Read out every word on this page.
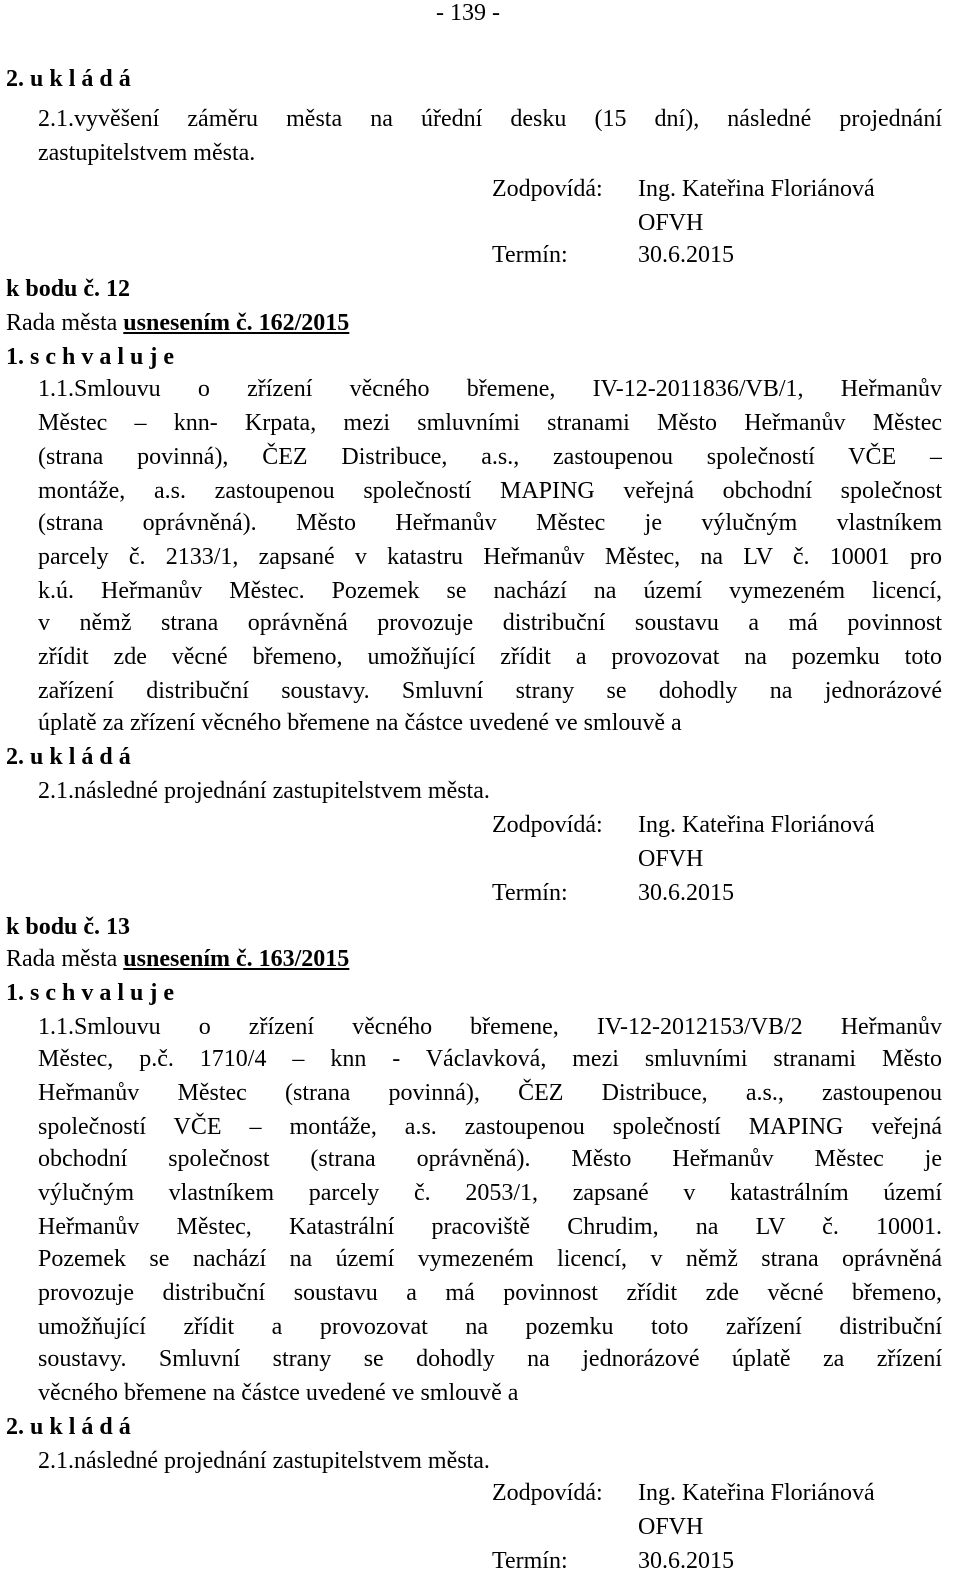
- 139 -
2. u k l á d á
2.1.vyvěšení záměru města na úřední desku (15 dní), následné projednání
zastupitelstvem města.
Zodpovídá: Ing. Kateřina Floriánová
OFVH
Termín:	30.6.2015
k bodu č. 12
Rada města usnesením č. 162/2015
1. s c h v a l u j e
1.1.Smlouvu o zřízení věcného břemene, IV-12-2011836/VB/1, Heřmanův
Městec – knn- Krpata, mezi smluvními stranami Město Heřmanův Městec
(strana povinná), ČEZ Distribuce, a.s., zastoupenou společností VČE –
montáže, a.s. zastoupenou společností MAPING veřejná obchodní společnost
(strana oprávněná). Město Heřmanův Městec je výlučným vlastníkem
parcely č. 2133/1, zapsané v katastru Heřmanův Městec, na LV č. 10001 pro
k.ú. Heřmanův Městec. Pozemek se nachází na území vymezeném licencí,
v němž strana oprávněná provozuje distribuční soustavu a má povinnost
zřídit zde věcné břemeno, umožňující zřídit a provozovat na pozemku toto
zařízení distribuční soustavy. Smluvní strany se dohodly na jednorázové
úplatě za zřízení věcného břemene na částce uvedené ve smlouvě a
2. u k l á d á
2.1.následné projednání zastupitelstvem města.
Zodpovídá: Ing. Kateřina Floriánová
OFVH
Termín:	30.6.2015
k bodu č. 13
Rada města usnesením č. 163/2015
1. s c h v a l u j e
1.1.Smlouvu o zřízení věcného břemene, IV-12-2012153/VB/2 Heřmanův
Městec, p.č. 1710/4 – knn - Václavková, mezi smluvními stranami Město
Heřmanův Městec (strana povinná), ČEZ Distribuce, a.s., zastoupenou
společností VČE – montáže, a.s. zastoupenou společností MAPING veřejná
obchodní společnost (strana oprávněná). Město Heřmanův Městec je
výlučným vlastníkem parcely č. 2053/1, zapsané v katastrálním území
Heřmanův Městec, Katastrální pracoviště Chrudim, na LV č. 10001.
Pozemek se nachází na území vymezeném licencí, v němž strana oprávněná
provozuje distribuční soustavu a má povinnost zřídit zde věcné břemeno,
umožňující zřídit a provozovat na pozemku toto zařízení distribuční
soustavy. Smluvní strany se dohodly na jednorázové úplatě za zřízení
věcného břemene na částce uvedené ve smlouvě a
2. u k l á d á
2.1.následné projednání zastupitelstvem města.
Zodpovídá: Ing. Kateřina Floriánová
OFVH
Termín:	30.6.2015
